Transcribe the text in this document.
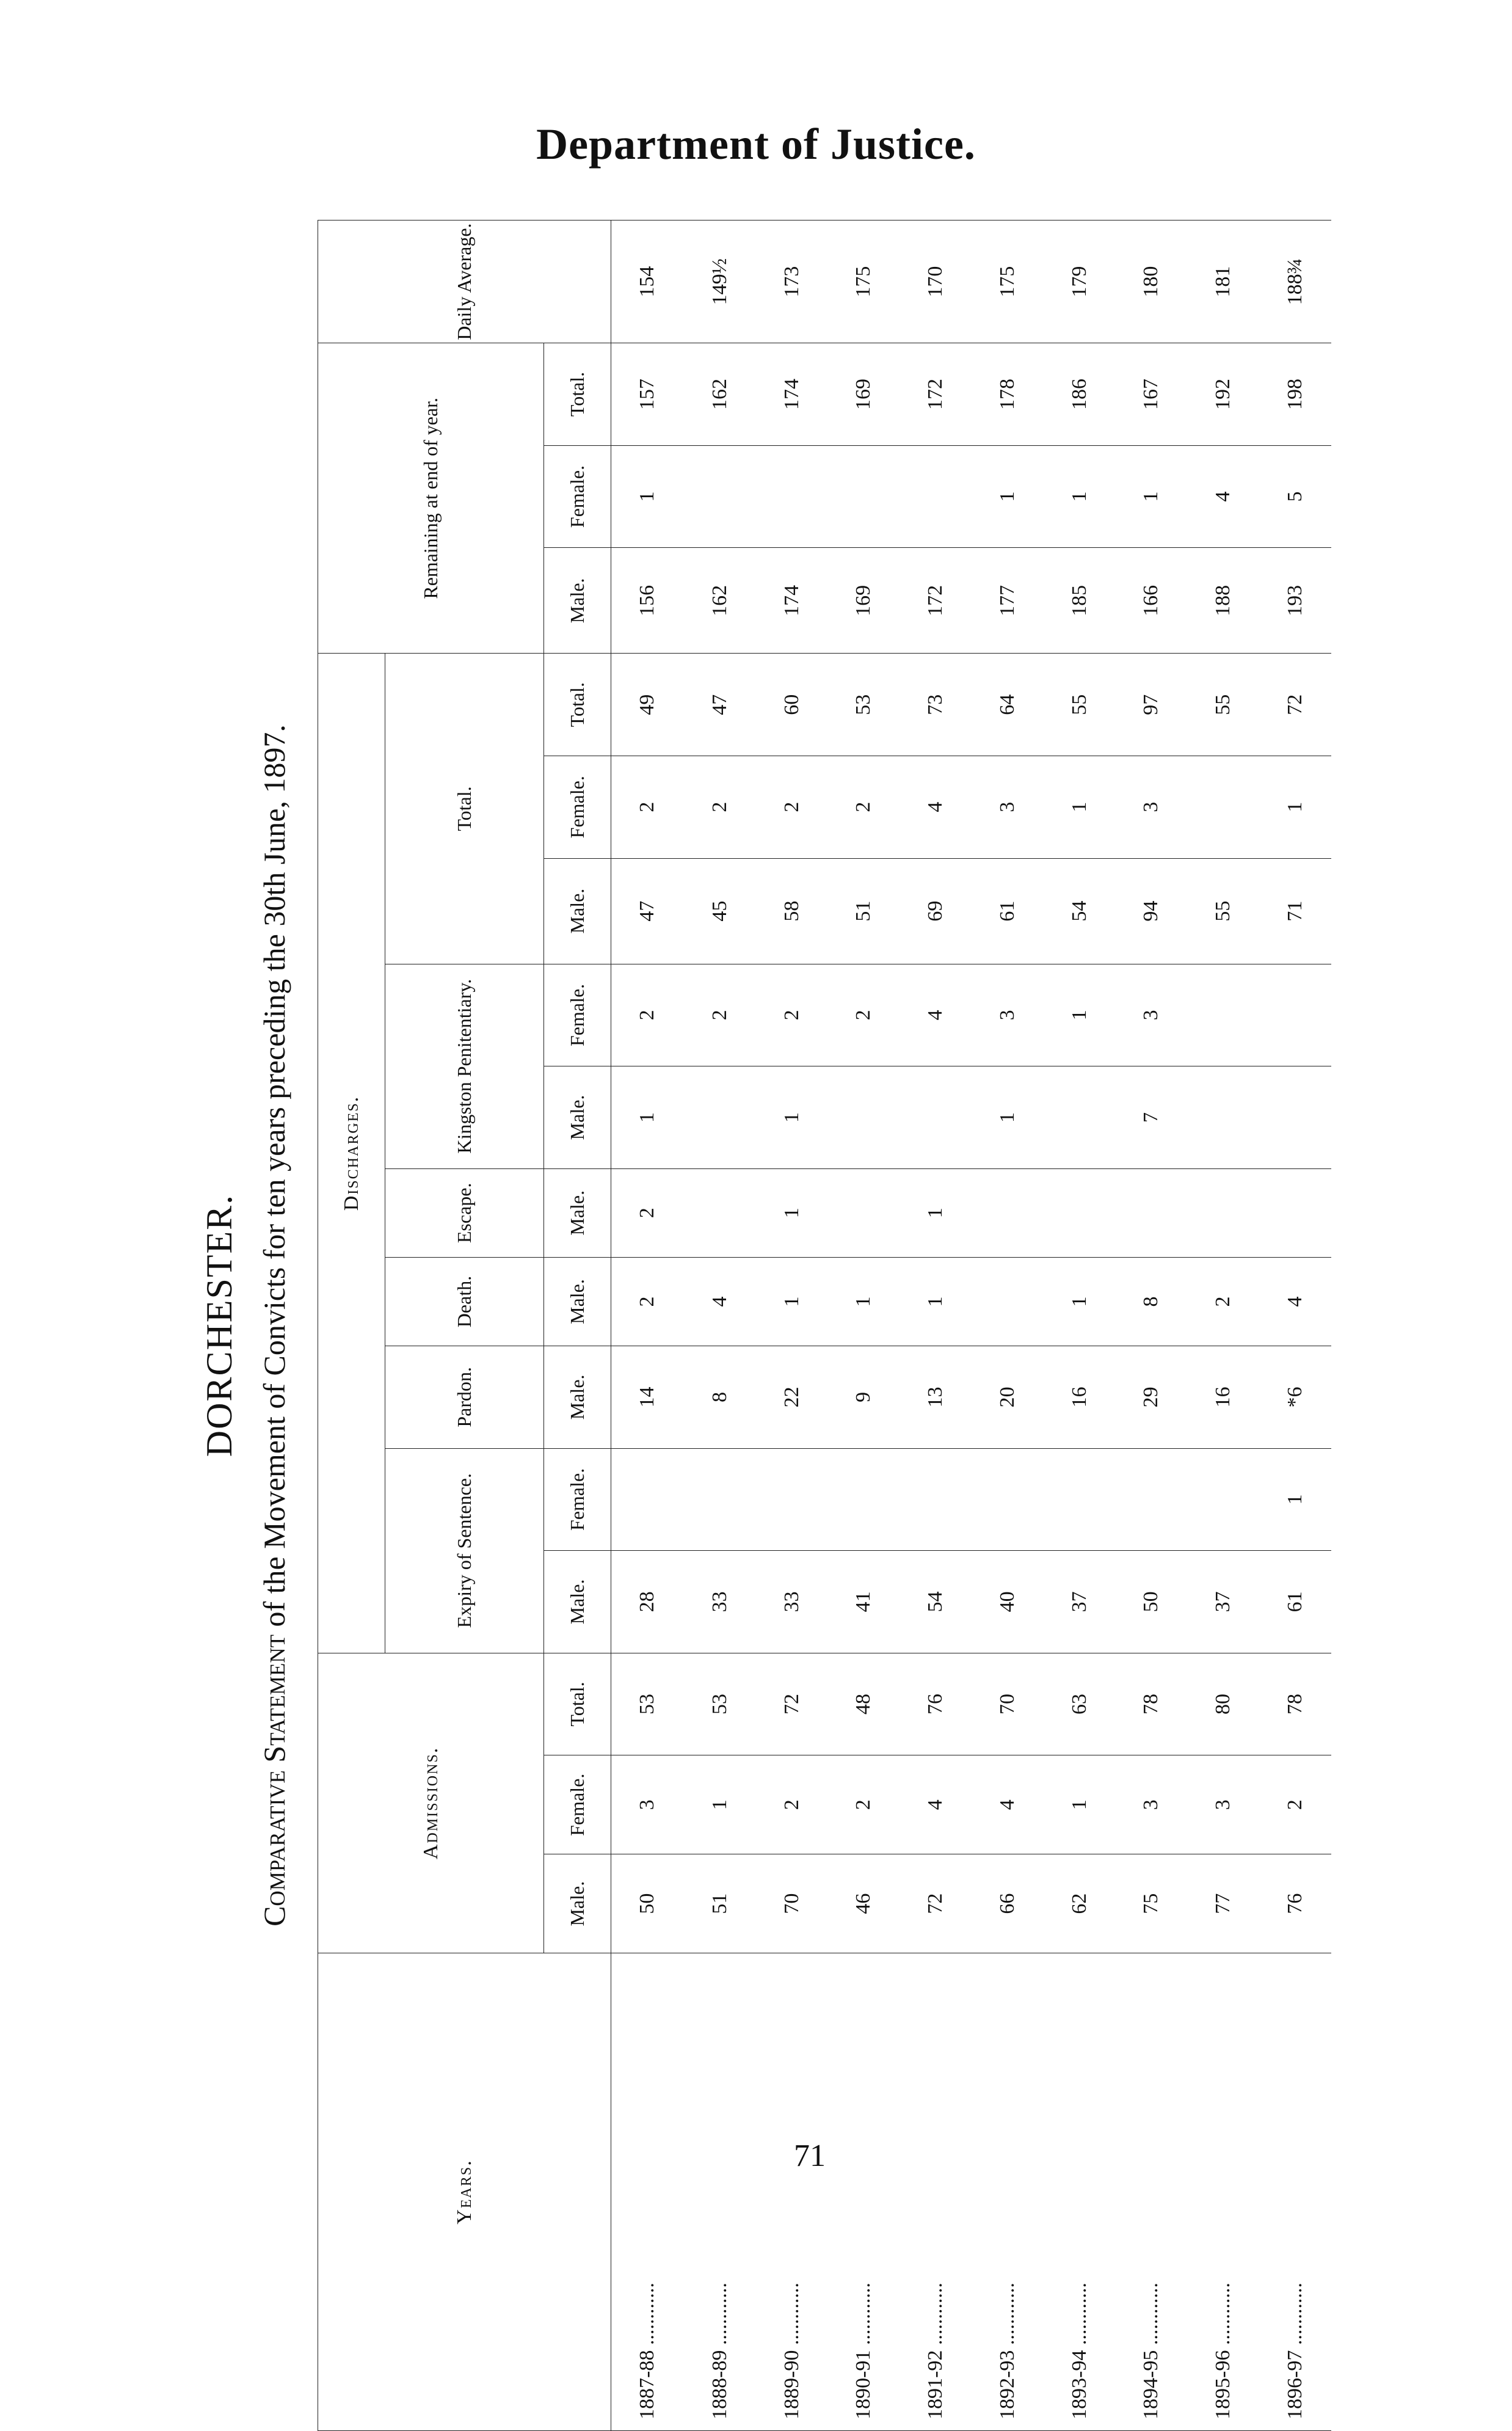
Department of Justice.
DORCHESTER.
Comparative Statement of the Movement of Convicts for ten years preceding the 30th June, 1897.
Years.	Admissions.			Discharges.										Remaining at end of year.			Daily Average.
				Expiry of Sentence.		Pardon.	Death.	Escape.	Kingston Penitentiary.		Total.						
	Male.	Female.	Total.	Male.	Female.	Male.	Male.	Male.	Male.	Female.	Male.	Female.	Total.	Male.	Female.	Total.	
1887-88 ............	50	3	53	28		14	2	2	1	2	47	2	49	156	1	157	154
1888-89 ............	51	1	53	33		8	4			2	45	2	47	162		162	149½
1889-90 ............	70	2	72	33		22	1	1	1	2	58	2	60	174		174	173
1890-91 ............	46	2	48	41		9	1			2	51	2	53	169		169	175
1891-92 ............	72	4	76	54		13	1	1		4	69	4	73	172		172	170
1892-93 ............	66	4	70	40		20			1	3	61	3	64	177	1	178	175
1893-94 ............	62	1	63	37		16	1			1	54	1	55	185	1	186	179
1894-95 ............	75	3	78	50		29	8		7	3	94	3	97	166	1	167	180
1895-96 ............	77	3	80	37		16	2				55		55	188	4	192	181
1896-97 ............	76	2	78	61	1	*6	4				71	1	72	193	5	198	188¾
71
